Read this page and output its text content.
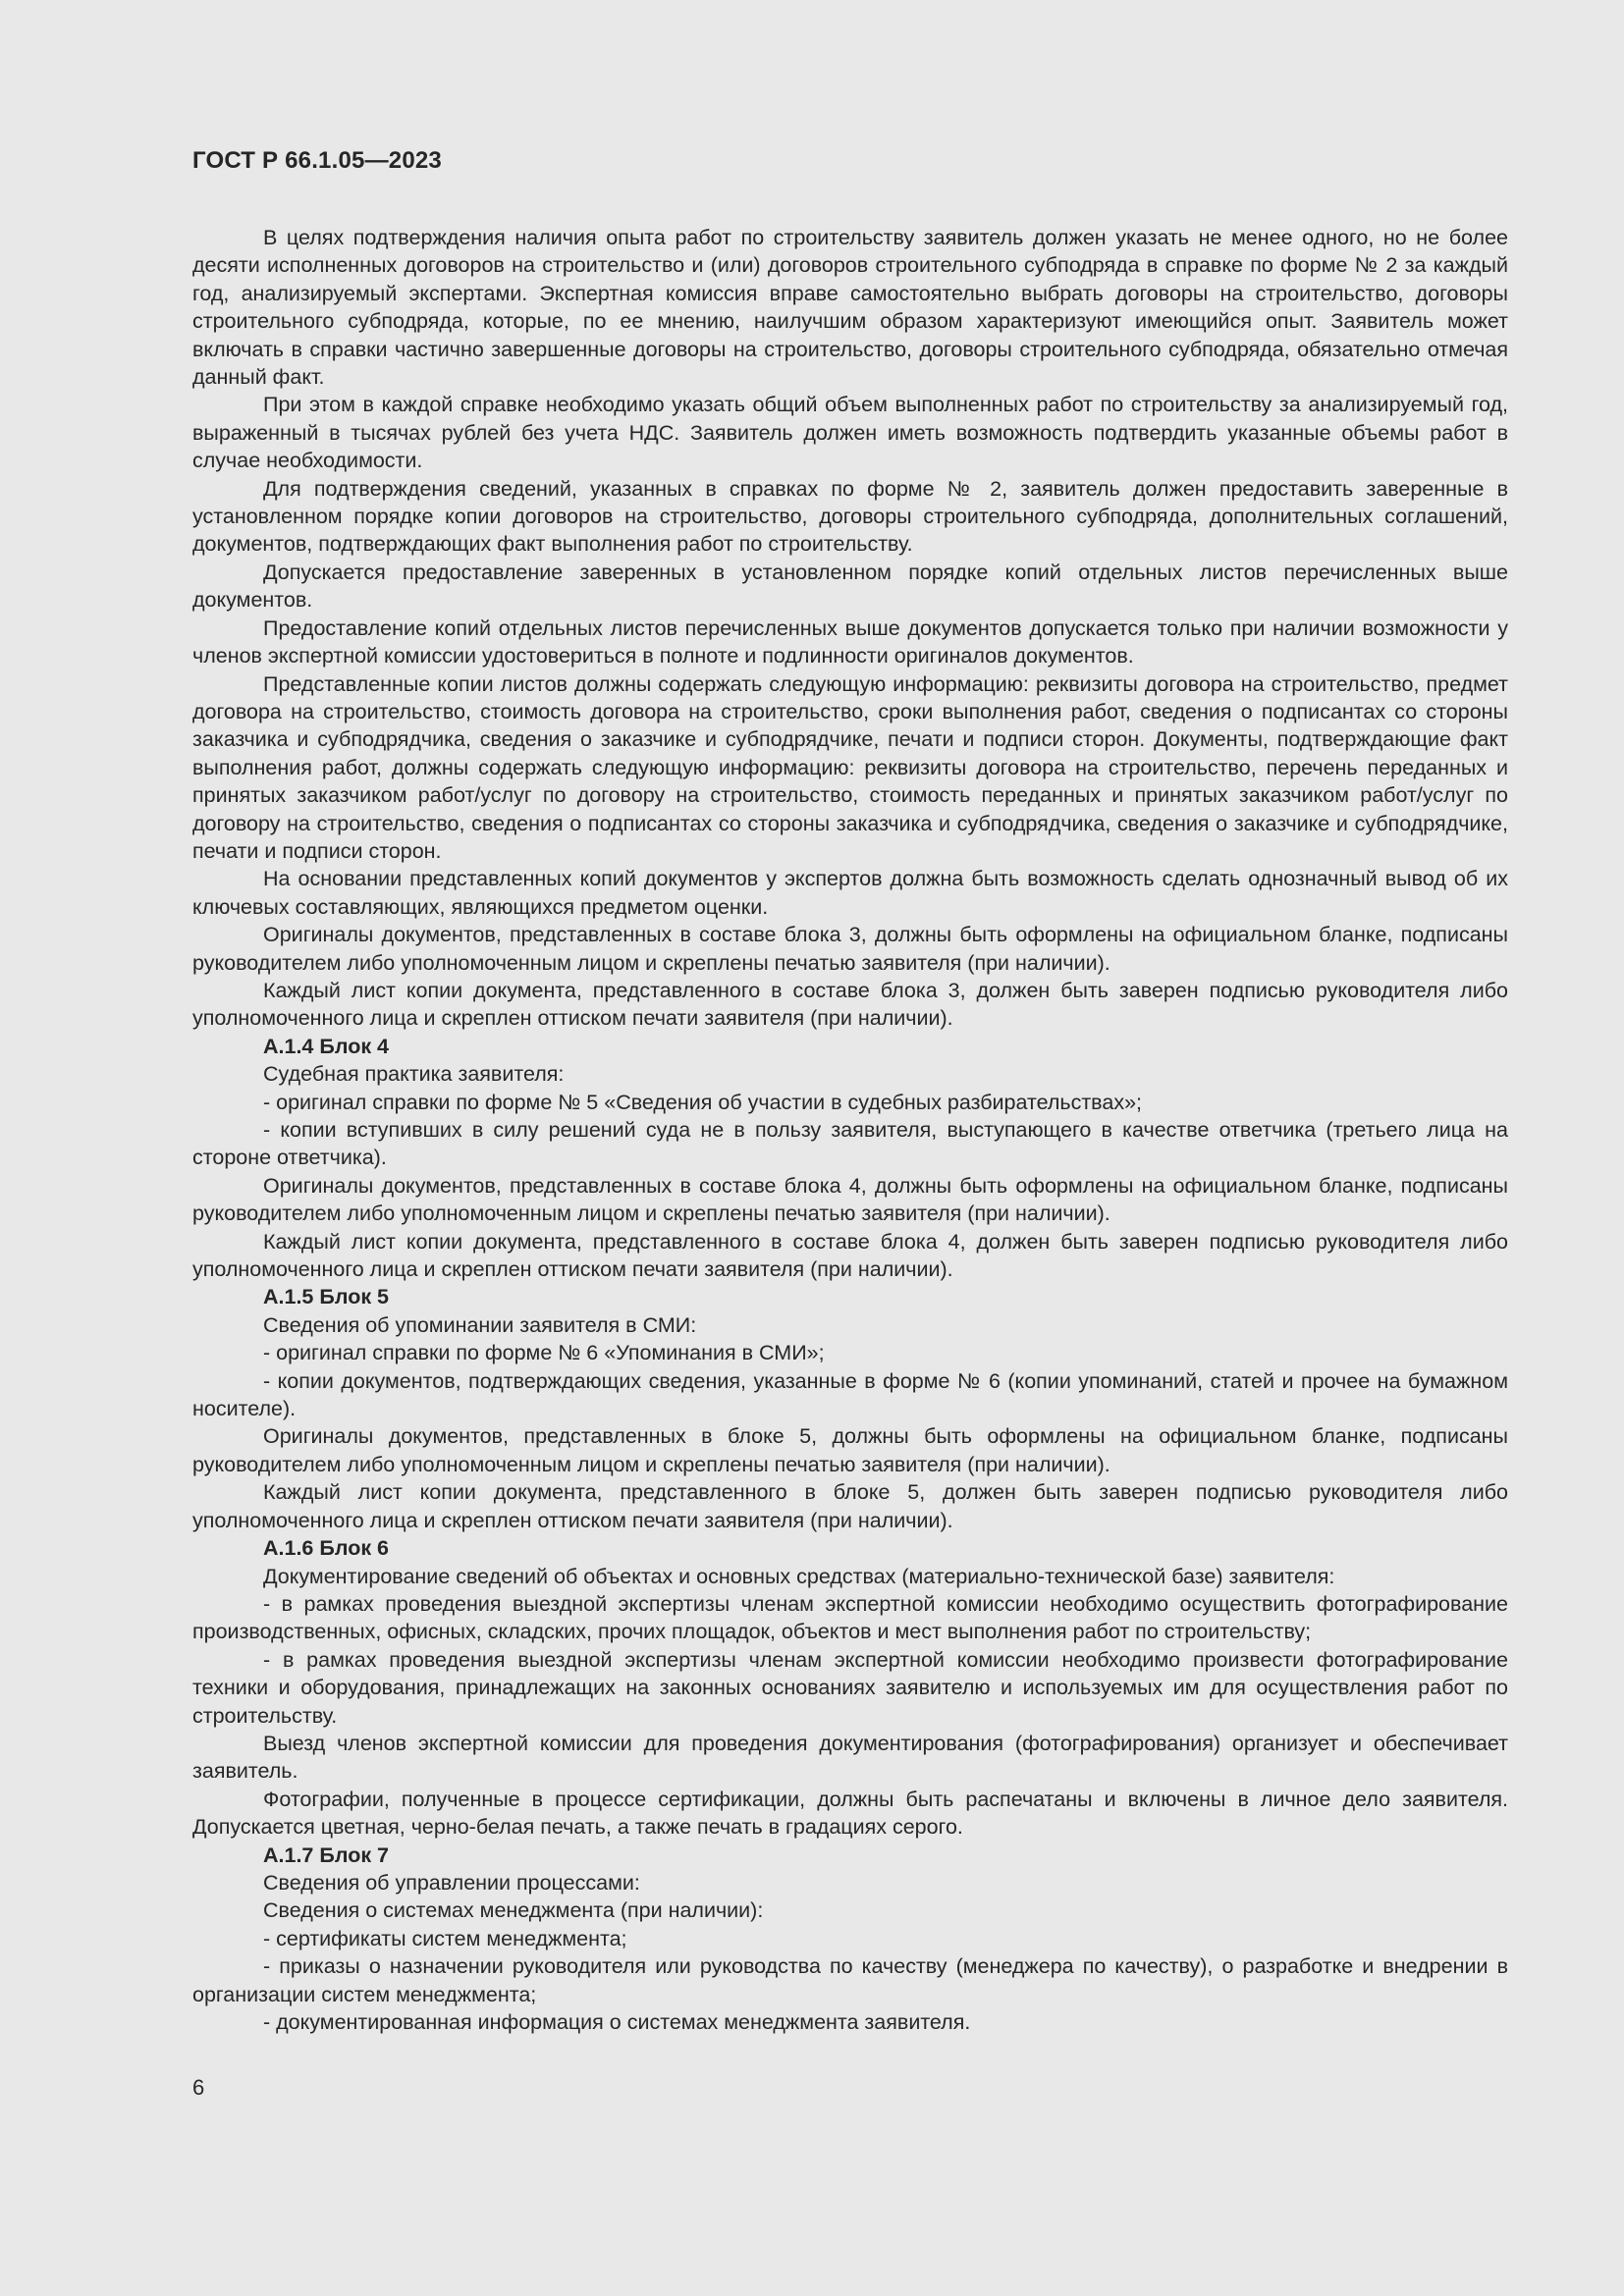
ГОСТ Р 66.1.05—2023

В целях подтверждения наличия опыта работ по строительству заявитель должен указать не менее одного, но не более десяти исполненных договоров на строительство и (или) договоров строительного субподряда в справке по форме № 2 за каждый год, анализируемый экспертами. Экспертная комиссия вправе самостоятельно выбрать договоры на строительство, договоры строительного субподряда, которые, по ее мнению, наилучшим образом характеризуют имеющийся опыт. Заявитель может включать в справки частично завершенные договоры на строительство, договоры строительного субподряда, обязательно отмечая данный факт.

При этом в каждой справке необходимо указать общий объем выполненных работ по строительству за анализируемый год, выраженный в тысячах рублей без учета НДС. Заявитель должен иметь возможность подтвердить указанные объемы работ в случае необходимости.

Для подтверждения сведений, указанных в справках по форме № 2, заявитель должен предоставить заверенные в установленном порядке копии договоров на строительство, договоры строительного субподряда, дополнительных соглашений, документов, подтверждающих факт выполнения работ по строительству.

Допускается предоставление заверенных в установленном порядке копий отдельных листов перечисленных выше документов.

Предоставление копий отдельных листов перечисленных выше документов допускается только при наличии возможности у членов экспертной комиссии удостовериться в полноте и подлинности оригиналов документов.

Представленные копии листов должны содержать следующую информацию: реквизиты договора на строительство, предмет договора на строительство, стоимость договора на строительство, сроки выполнения работ, сведения о подписантах со стороны заказчика и субподрядчика, сведения о заказчике и субподрядчике, печати и подписи сторон. Документы, подтверждающие факт выполнения работ, должны содержать следующую информацию: реквизиты договора на строительство, перечень переданных и принятых заказчиком работ/услуг по договору на строительство, стоимость переданных и принятых заказчиком работ/услуг по договору на строительство, сведения о подписантах со стороны заказчика и субподрядчика, сведения о заказчике и субподрядчике, печати и подписи сторон.

На основании представленных копий документов у экспертов должна быть возможность сделать однозначный вывод об их ключевых составляющих, являющихся предметом оценки.

Оригиналы документов, представленных в составе блока 3, должны быть оформлены на официальном бланке, подписаны руководителем либо уполномоченным лицом и скреплены печатью заявителя (при наличии).

Каждый лист копии документа, представленного в составе блока 3, должен быть заверен подписью руководителя либо уполномоченного лица и скреплен оттиском печати заявителя (при наличии).

А.1.4 Блок 4

Судебная практика заявителя:

- оригинал справки по форме № 5 «Сведения об участии в судебных разбирательствах»;

- копии вступивших в силу решений суда не в пользу заявителя, выступающего в качестве ответчика (третьего лица на стороне ответчика).

Оригиналы документов, представленных в составе блока 4, должны быть оформлены на официальном бланке, подписаны руководителем либо уполномоченным лицом и скреплены печатью заявителя (при наличии).

Каждый лист копии документа, представленного в составе блока 4, должен быть заверен подписью руководителя либо уполномоченного лица и скреплен оттиском печати заявителя (при наличии).

А.1.5 Блок 5

Сведения об упоминании заявителя в СМИ:

- оригинал справки по форме № 6 «Упоминания в СМИ»;

- копии документов, подтверждающих сведения, указанные в форме № 6 (копии упоминаний, статей и прочее на бумажном носителе).

Оригиналы документов, представленных в блоке 5, должны быть оформлены на официальном бланке, подписаны руководителем либо уполномоченным лицом и скреплены печатью заявителя (при наличии).

Каждый лист копии документа, представленного в блоке 5, должен быть заверен подписью руководителя либо уполномоченного лица и скреплен оттиском печати заявителя (при наличии).

А.1.6 Блок 6

Документирование сведений об объектах и основных средствах (материально-технической базе) заявителя:

- в рамках проведения выездной экспертизы членам экспертной комиссии необходимо осуществить фотографирование производственных, офисных, складских, прочих площадок, объектов и мест выполнения работ по строительству;

- в рамках проведения выездной экспертизы членам экспертной комиссии необходимо произвести фотографирование техники и оборудования, принадлежащих на законных основаниях заявителю и используемых им для осуществления работ по строительству.

Выезд членов экспертной комиссии для проведения документирования (фотографирования) организует и обеспечивает заявитель.

Фотографии, полученные в процессе сертификации, должны быть распечатаны и включены в личное дело заявителя. Допускается цветная, черно-белая печать, а также печать в градациях серого.

А.1.7 Блок 7

Сведения об управлении процессами:

Сведения о системах менеджмента (при наличии):

- сертификаты систем менеджмента;

- приказы о назначении руководителя или руководства по качеству (менеджера по качеству), о разработке и внедрении в организации систем менеджмента;

- документированная информация о системах менеджмента заявителя.

6
